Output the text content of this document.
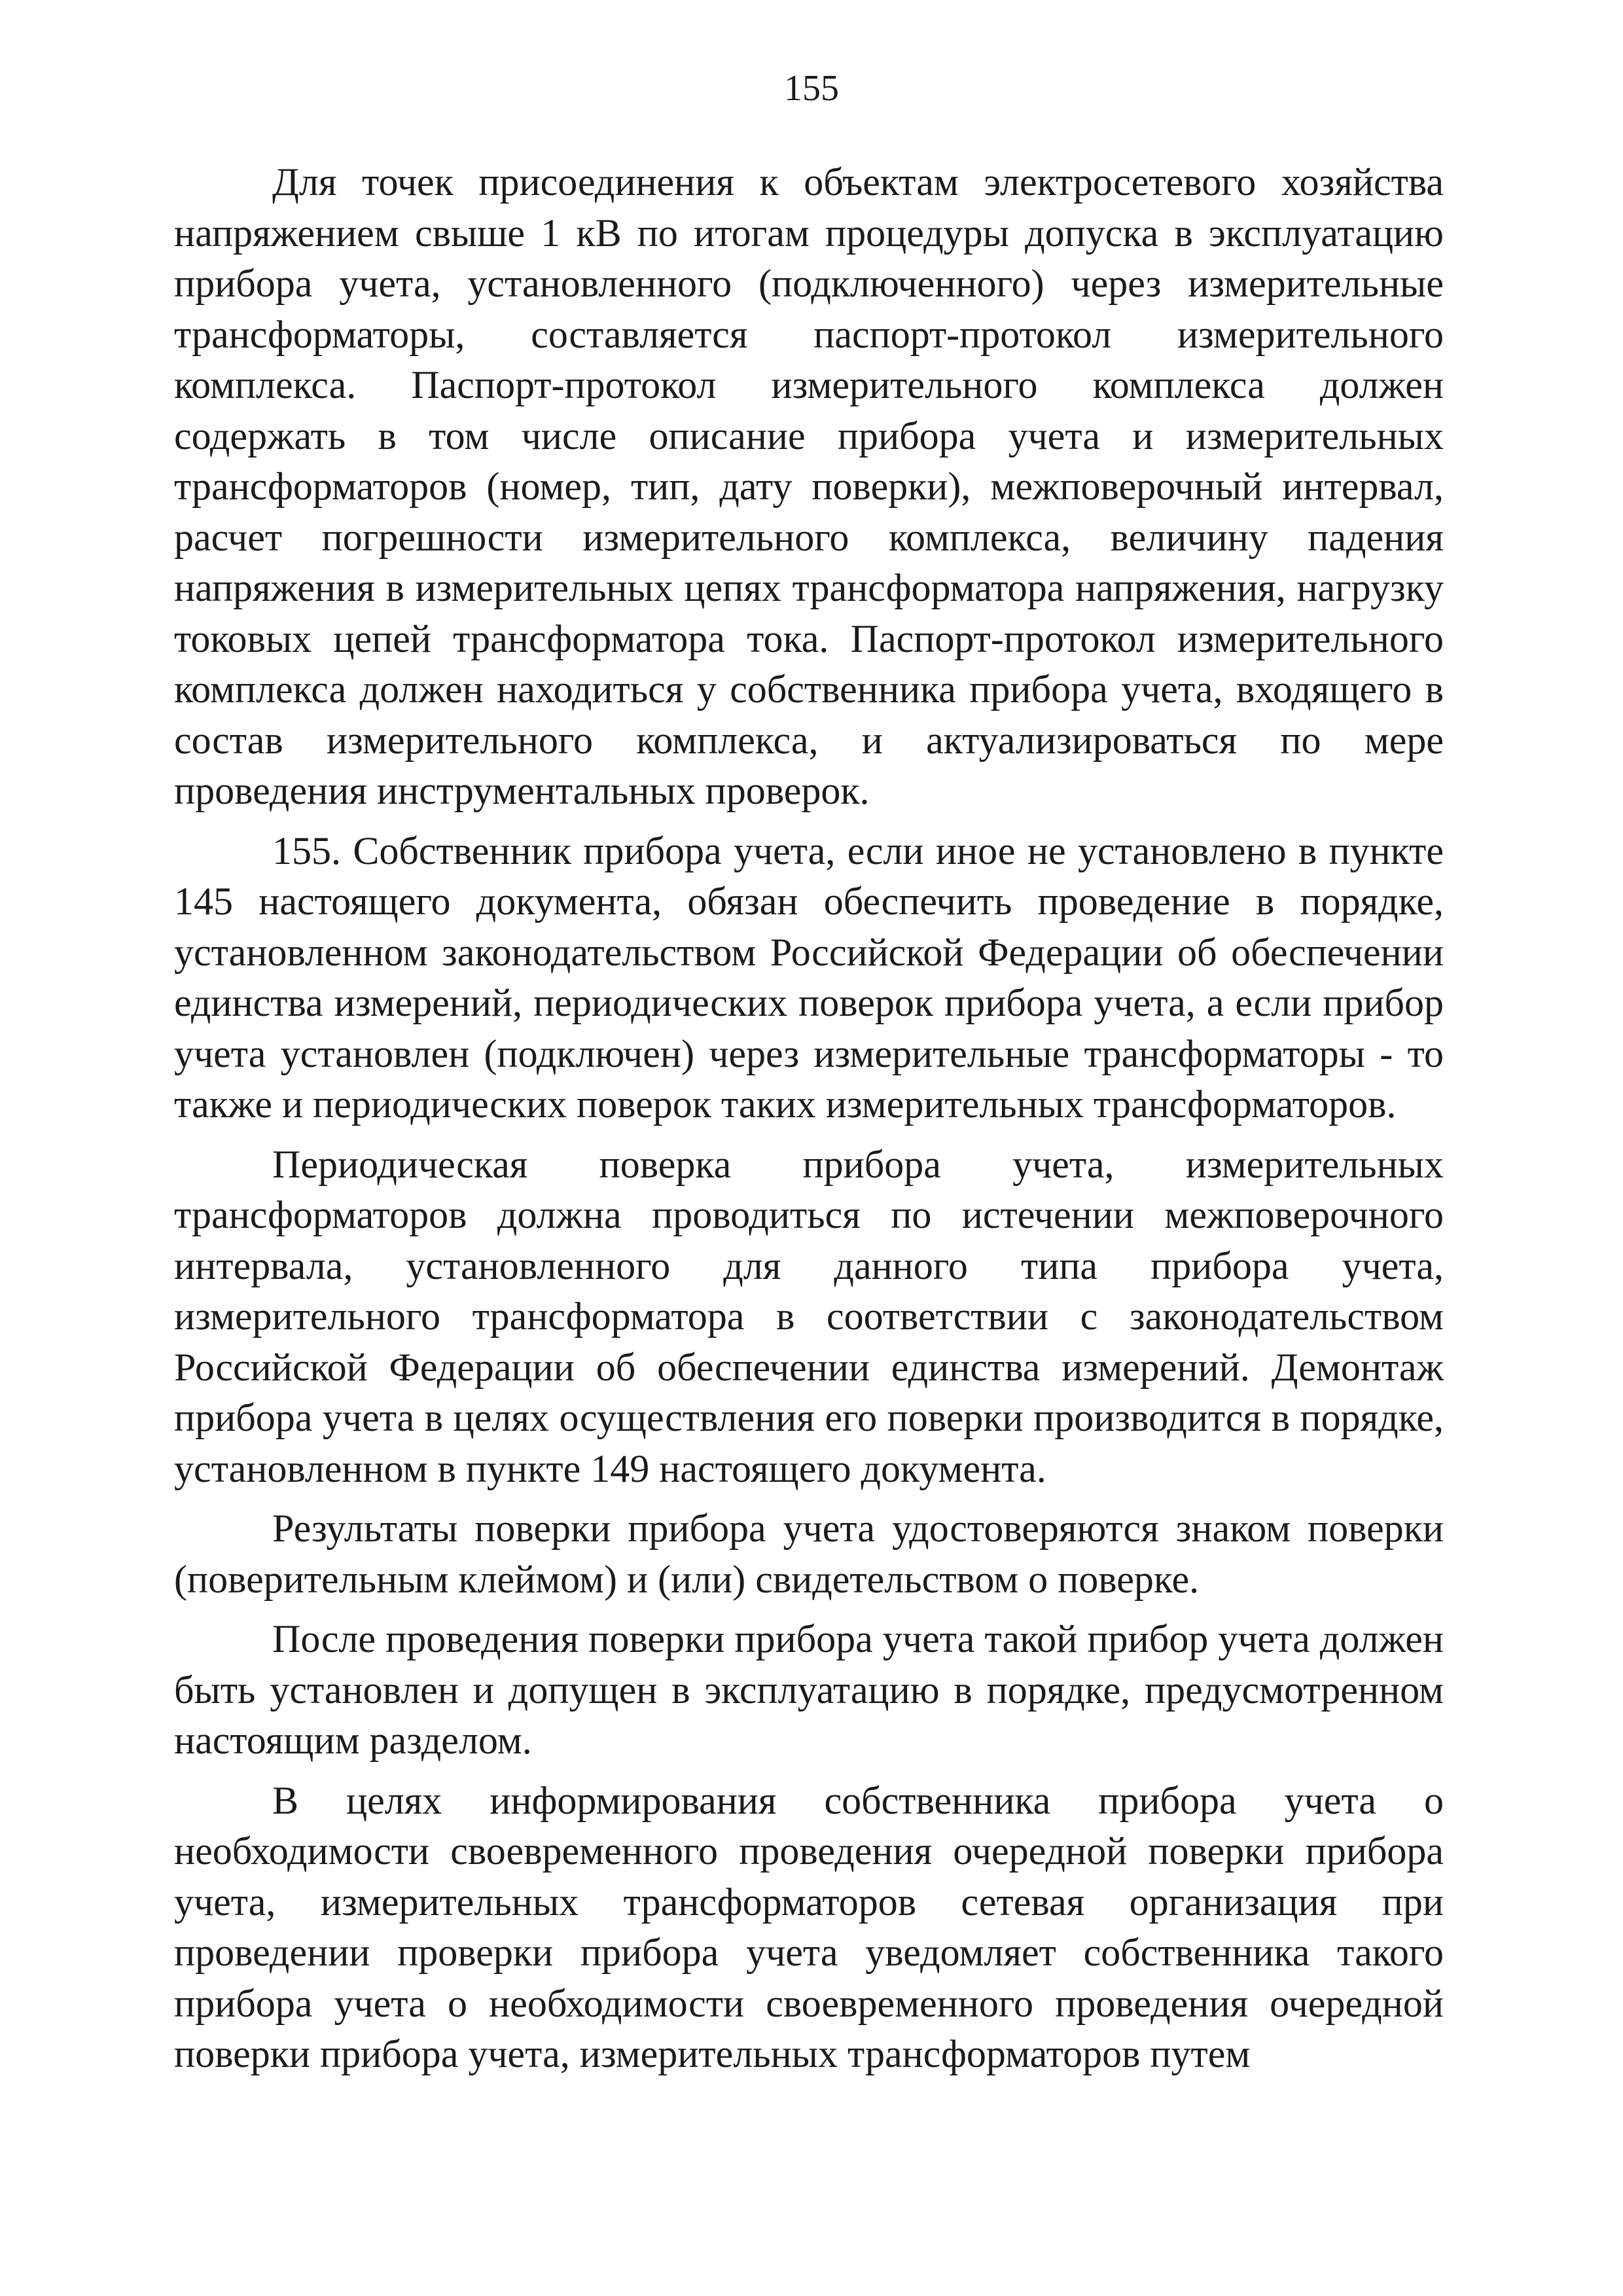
155

Для точек присоединения к объектам электросетевого хозяйства напряжением свыше 1 кВ по итогам процедуры допуска в эксплуатацию прибора учета, установленного (подключенного) через измерительные трансформаторы, составляется паспорт-протокол измерительного комплекса. Паспорт-протокол измерительного комплекса должен содержать в том числе описание прибора учета и измерительных трансформаторов (номер, тип, дату поверки), межповерочный интервал, расчет погрешности измерительного комплекса, величину падения напряжения в измерительных цепях трансформатора напряжения, нагрузку токовых цепей трансформатора тока. Паспорт-протокол измерительного комплекса должен находиться у собственника прибора учета, входящего в состав измерительного комплекса, и актуализироваться по мере проведения инструментальных проверок.

155. Собственник прибора учета, если иное не установлено в пункте 145 настоящего документа, обязан обеспечить проведение в порядке, установленном законодательством Российской Федерации об обеспечении единства измерений, периодических поверок прибора учета, а если прибор учета установлен (подключен) через измерительные трансформаторы - то также и периодических поверок таких измерительных трансформаторов.

Периодическая поверка прибора учета, измерительных трансформаторов должна проводиться по истечении межповерочного интервала, установленного для данного типа прибора учета, измерительного трансформатора в соответствии с законодательством Российской Федерации об обеспечении единства измерений. Демонтаж прибора учета в целях осуществления его поверки производится в порядке, установленном в пункте 149 настоящего документа.

Результаты поверки прибора учета удостоверяются знаком поверки (поверительным клеймом) и (или) свидетельством о поверке.

После проведения поверки прибора учета такой прибор учета должен быть установлен и допущен в эксплуатацию в порядке, предусмотренном настоящим разделом.

В целях информирования собственника прибора учета о необходимости своевременного проведения очередной поверки прибора учета, измерительных трансформаторов сетевая организация при проведении проверки прибора учета уведомляет собственника такого прибора учета о необходимости своевременного проведения очередной поверки прибора учета, измерительных трансформаторов путем
